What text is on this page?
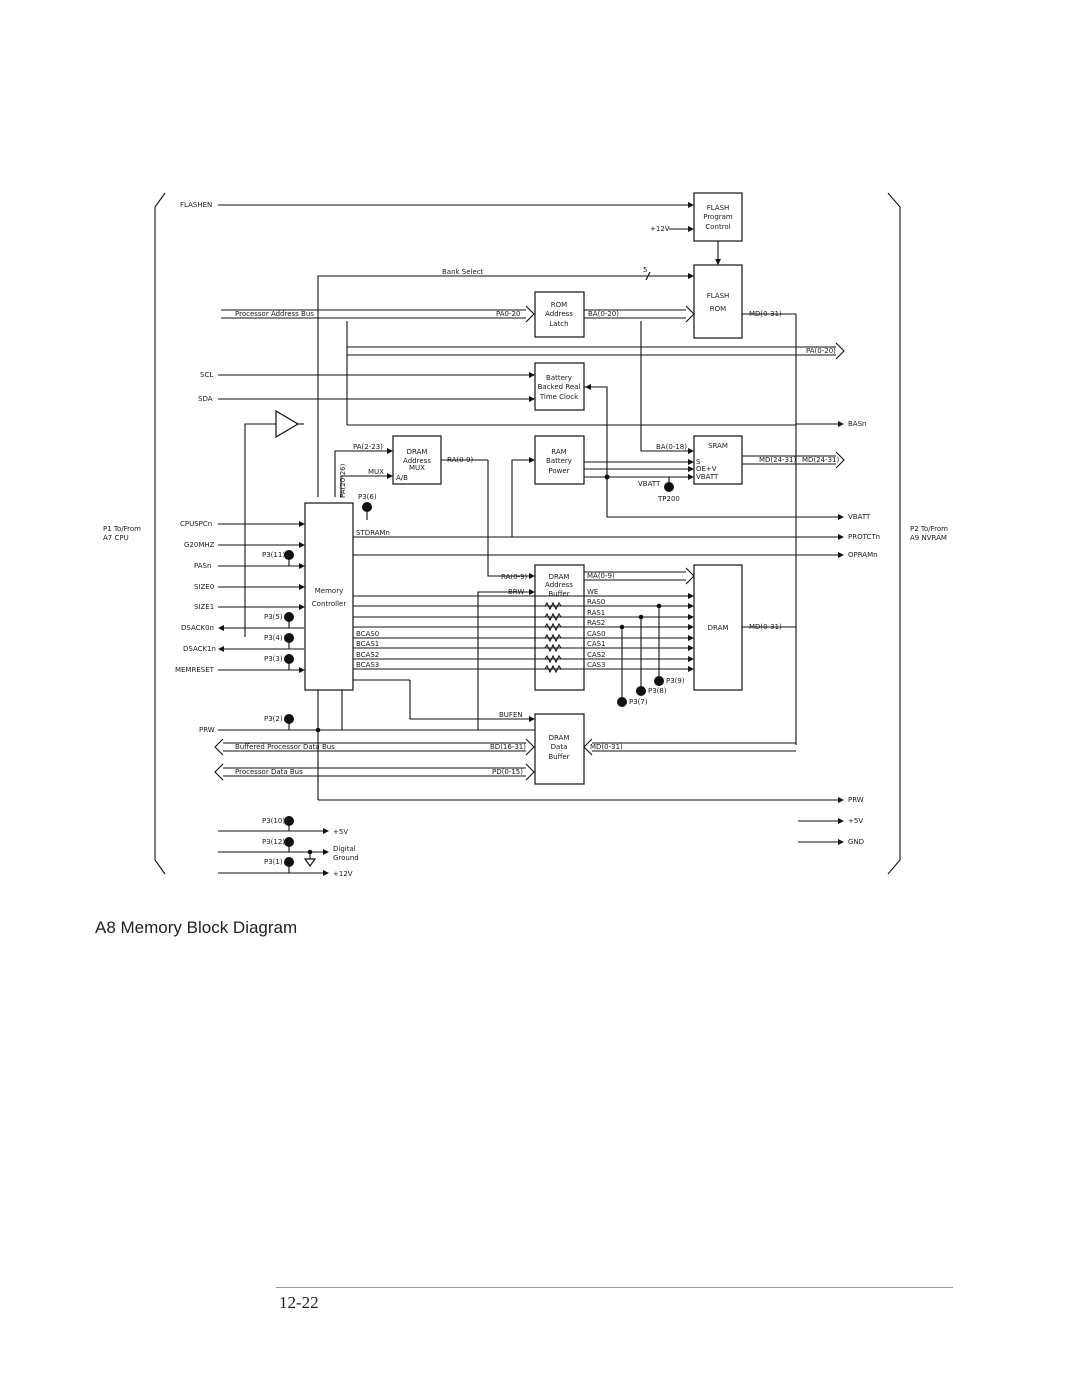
P1 To/From
A7 CPU
P2 To/From
A9 NVRAM
FLASH
Program
Control
FLASH
ROM
ROM
Address
Latch
Battery
Backed Real
Time Clock
DRAM
Address
MUX
RAM
Battery
Power
SRAM
Memory
Controller
DRAM
Address
Buffer
DRAM
DRAM
Data
Buffer
FLASHEN
+12V
Bank Select	5
Processor Address Bus	PA0-20	BA(0-20)	MD(0-31)
PA(0-20)
SCL
SDA
BASn
PA(2-23)
PA(20-26)	MUX
A/B
RA(0-9)
BA(0-18)
S
OE+V
VBATT
VBATT
TP200
MD(24-31) MD(24-31)
P3(6)
STDRAMn	PROTCTn
VBATT
OPRAMn
CPUSPCn
G20MHZ
P3(11)
PASn
SIZE0
SIZE1
P3(5)
DSACK0n
P3(4)
DSACK1n
P3(3)
MEMRESET
RA(0-9)	MA(0-9)
BRW	WE
RAS0
RAS1
RAS2
CAS0
CAS1
CAS2
CAS3
BCAS0
BCAS1
BCAS2
BCAS3
MD(0-31)
P3(9)
P3(8)
P3(7)
P3(2)
PRW
PRW
BUFEN
Buffered Processor Data Bus	BD(16-31)	MD(0-31)
Processor Data Bus	PD(0-15)
P3(10)
+5V
P3(12)
Digital
Ground
P3(1)
+12V
+5V
GND
A8 Memory Block Diagram
12-22
